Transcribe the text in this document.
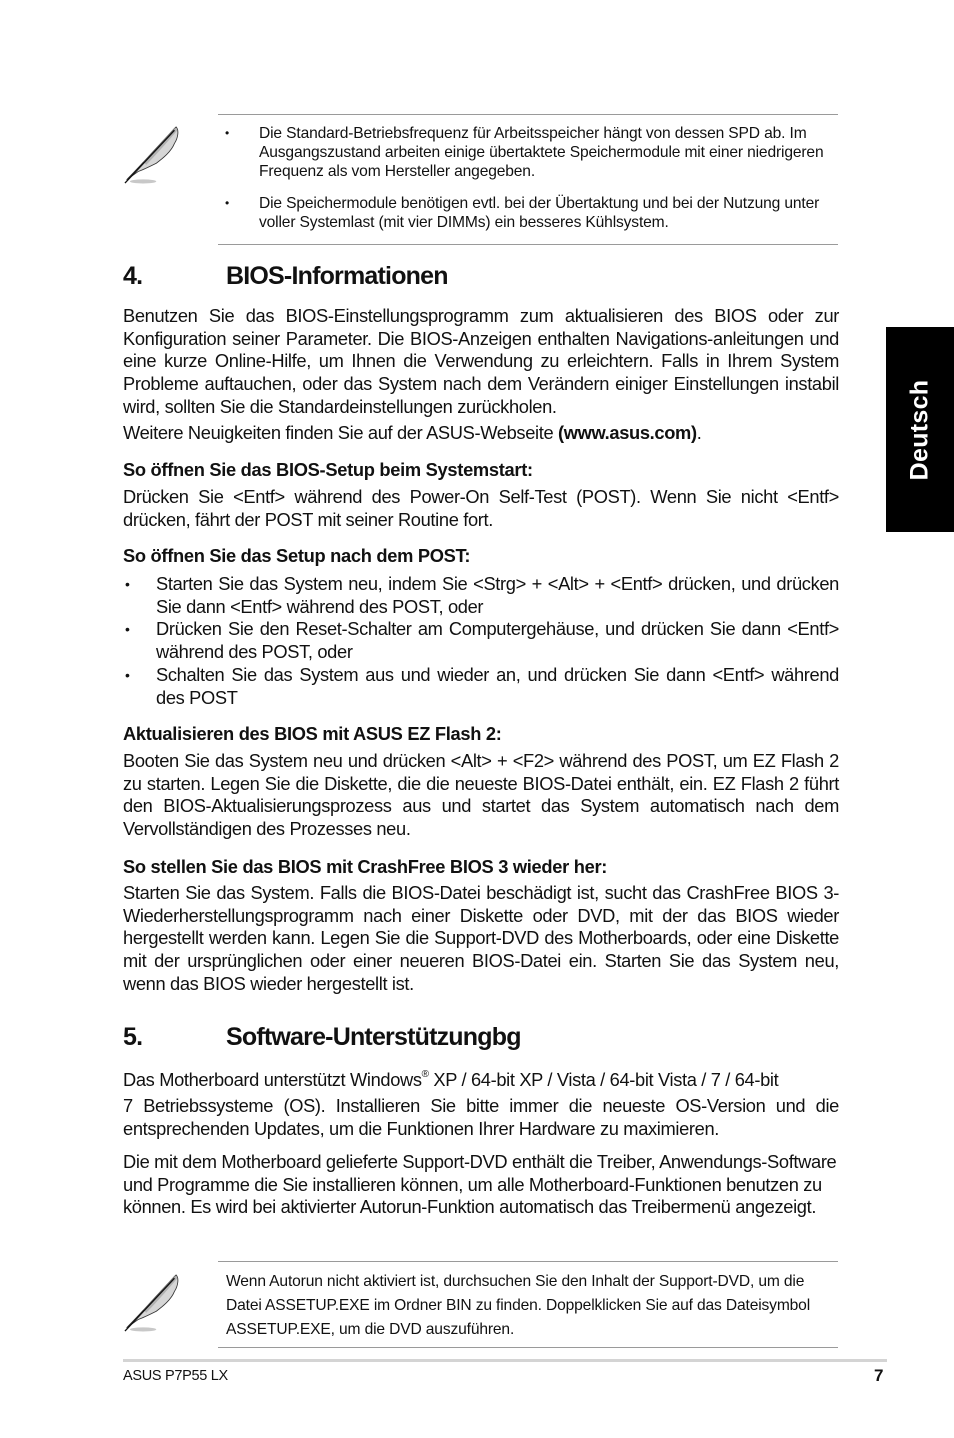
Deutsch
• Die Standard-Betriebsfrequenz für Arbeitsspeicher hängt von dessen SPD ab. Im Ausgangszustand arbeiten einige übertaktete Speichermodule mit einer niedrigeren Frequenz als vom Hersteller angegeben.
• Die Speichermodule benötigen evtl. bei der Übertaktung und bei der Nutzung unter voller Systemlast (mit vier DIMMs) ein besseres Kühlsystem.
4.	BIOS-Informationen
Benutzen Sie das BIOS-Einstellungsprogramm zum aktualisieren des BIOS oder zur Konfiguration seiner Parameter. Die BIOS-Anzeigen enthalten Navigations-anleitungen und eine kurze Online-Hilfe, um Ihnen die Verwendung zu erleichtern. Falls in Ihrem System Probleme auftauchen, oder das System nach dem Verändern einiger Einstellungen instabil wird, sollten Sie die Standardeinstellungen zurückholen.
Weitere Neuigkeiten finden Sie auf der ASUS-Webseite (www.asus.com).
So öffnen Sie das BIOS-Setup beim Systemstart:
Drücken Sie <Entf> während des Power-On Self-Test (POST). Wenn Sie nicht <Entf> drücken, fährt der POST mit seiner Routine fort.
So öffnen Sie das Setup nach dem POST:
• Starten Sie das System neu, indem Sie <Strg> + <Alt> + <Entf> drücken, und drücken Sie dann <Entf> während des POST, oder
• Drücken Sie den Reset-Schalter am Computergehäuse, und drücken Sie dann <Entf> während des POST, oder
• Schalten Sie das System aus und wieder an, und drücken Sie dann <Entf> während des POST
Aktualisieren des BIOS mit ASUS EZ Flash 2:
Booten Sie das System neu und drücken <Alt> + <F2> während des POST, um EZ Flash 2 zu starten. Legen Sie die Diskette, die die neueste BIOS-Datei enthält, ein. EZ Flash 2 führt den BIOS-Aktualisierungsprozess aus und startet das System automatisch nach dem Vervollständigen des Prozesses neu.
So stellen Sie das BIOS mit CrashFree BIOS 3 wieder her:
Starten Sie das System. Falls die BIOS-Datei beschädigt ist, sucht das CrashFree BIOS 3-Wiederherstellungsprogramm nach einer Diskette oder DVD, mit der das BIOS wieder hergestellt werden kann. Legen Sie die Support-DVD des Motherboards, oder eine Diskette mit der ursprünglichen oder einer neueren BIOS-Datei ein. Starten Sie das System neu, wenn das BIOS wieder hergestellt ist.
5.	Software-Unterstützungbg
Das Motherboard unterstützt Windows® XP / 64-bit XP / Vista / 64-bit Vista / 7 / 64-bit
7 Betriebssysteme (OS). Installieren Sie bitte immer die neueste OS-Version und die entsprechenden Updates, um die Funktionen Ihrer Hardware zu maximieren.
Die mit dem Motherboard gelieferte Support-DVD enthält die Treiber, Anwendungs-Software und Programme die Sie installieren können, um alle Motherboard-Funktionen benutzen zu können. Es wird bei aktivierter Autorun-Funktion automatisch das Treibermenü angezeigt.
Wenn Autorun nicht aktiviert ist, durchsuchen Sie den Inhalt der Support-DVD, um die Datei ASSETUP.EXE im Ordner BIN zu finden. Doppelklicken Sie auf das Dateisymbol ASSETUP.EXE, um die DVD auszuführen.
ASUS P7P55 LX	7
